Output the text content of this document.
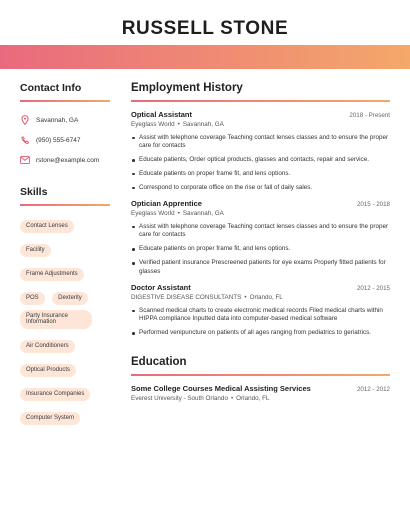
RUSSELL STONE
Optical Assistant
Contact Info
Savannah, GA
(950) 555-6747
rstone@example.com
Skills
Contact Lenses Facility Frame Adjustments POS	Dexterity Party Insurance Information Air Conditioners Optical Products Insurance Companies Computer System
Employment History
Optical Assistant	2018 - Present
Eyeglass World • Savannah, GA
Assist with telephone coverage Teaching contact lenses classes and to ensure the proper care for contacts
Educate patients, Order optical products, glasses and contacts, repair and service.
Educate patients on proper frame fit, and lens options.
Correspond to corporate office on the rise or fall of daily sales.
Optician Apprentice	2015 - 2018
Eyeglass World • Savannah, GA
Assist with telephone coverage Teaching contact lenses classes and to ensure the proper care for contacts
Educate patients on proper frame fit, and lens options.
Verified patient insurance Prescreened patients for eye exams Properly fitted patients for glasses
Doctor Assistant	2012 - 2015
DIGESTIVE DISEASE CONSULTANTS • Orlando, FL
Scanned medical charts to create electronic medical records Filed medical charts within HIPPA compliance Inputted data into computer-based medical software
Performed venipuncture on patients of all ages ranging from pediatrics to geriatrics.
Education
Some College Courses Medical Assisting Services	2012 - 2012
Everest University - South Orlando • Orlando, FL
